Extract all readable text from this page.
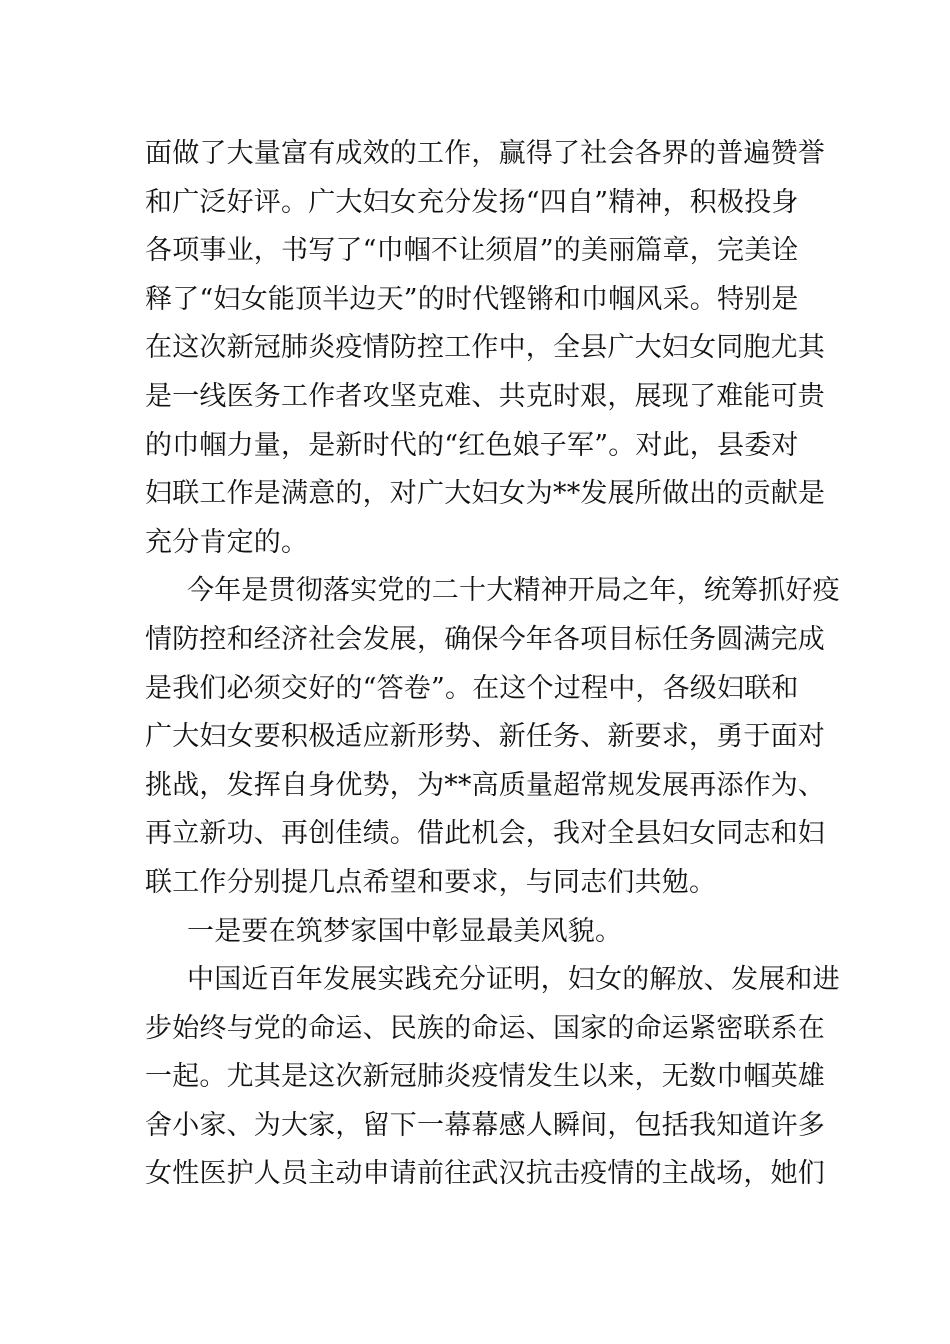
面做了大量富有成效的工作，赢得了社会各界的普遍赞誉
和广泛好评。广大妇女充分发扬“四自”精神，积极投身
各项事业，书写了“巾帼不让须眉”的美丽篇章，完美诠
释了“妇女能顶半边天”的时代铿锵和巾帼风采。特别是
在这次新冠肺炎疫情防控工作中，全县广大妇女同胞尤其
是一线医务工作者攻坚克难、共克时艰，展现了难能可贵
的巾帼力量，是新时代的“红色娘子军”。对此，县委对
妇联工作是满意的，对广大妇女为**发展所做出的贡献是
充分肯定的。
今年是贯彻落实党的二十大精神开局之年，统筹抓好疫
情防控和经济社会发展，确保今年各项目标任务圆满完成
是我们必须交好的“答卷”。在这个过程中，各级妇联和
广大妇女要积极适应新形势、新任务、新要求，勇于面对
挑战，发挥自身优势，为**高质量超常规发展再添作为、
再立新功、再创佳绩。借此机会，我对全县妇女同志和妇
联工作分别提几点希望和要求，与同志们共勉。
一是要在筑梦家国中彰显最美风貌。
中国近百年发展实践充分证明，妇女的解放、发展和进
步始终与党的命运、民族的命运、国家的命运紧密联系在
一起。尤其是这次新冠肺炎疫情发生以来，无数巾帼英雄
舍小家、为大家，留下一幕幕感人瞬间，包括我知道许多
女性医护人员主动申请前往武汉抗击疫情的主战场，她们
